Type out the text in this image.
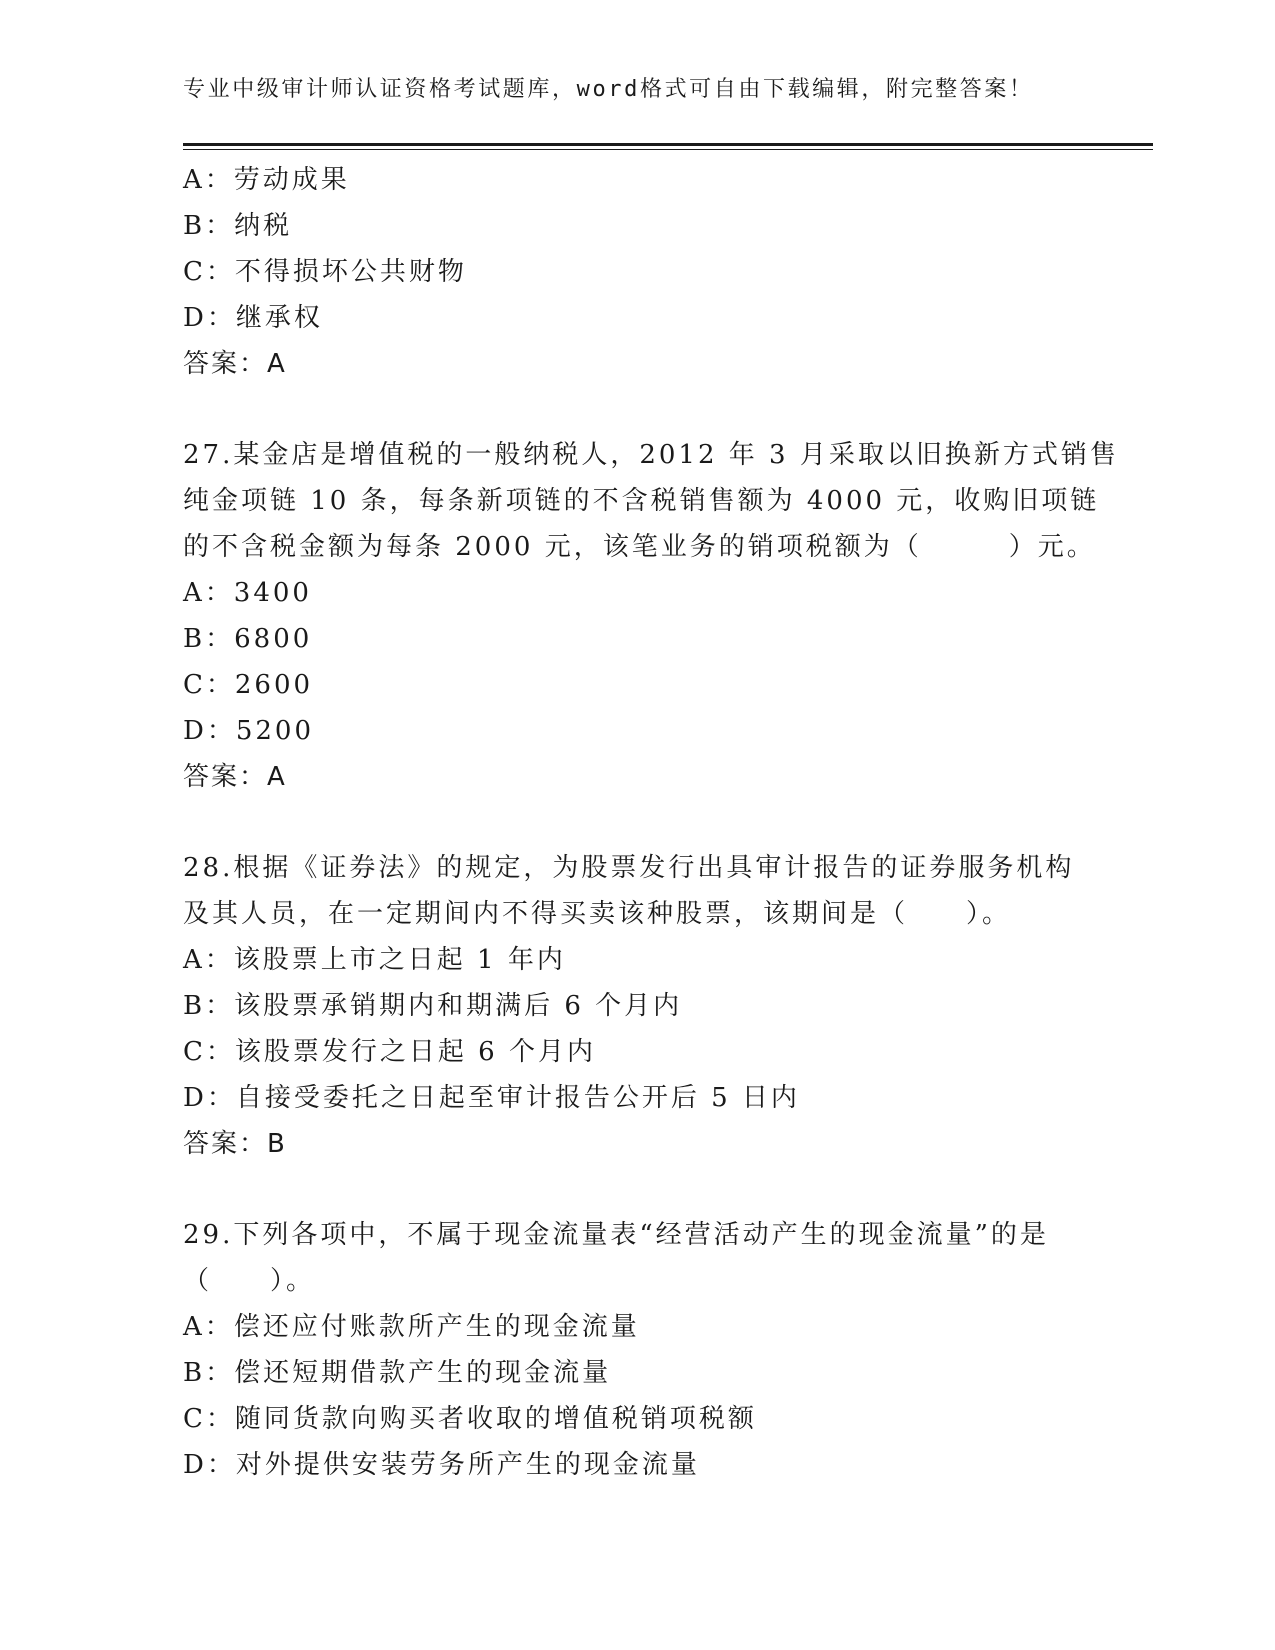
专业中级审计师认证资格考试题库，word格式可自由下载编辑，附完整答案！
A：劳动成果
B：纳税
C：不得损坏公共财物
D：继承权
答案：A
27.某金店是增值税的一般纳税人，2012 年 3 月采取以旧换新方式销售
纯金项链 10 条，每条新项链的不含税销售额为 4000 元，收购旧项链
的不含税金额为每条 2000 元，该笔业务的销项税额为（　　　）元。
A：3400
B：6800
C：2600
D：5200
答案：A
28.根据《证券法》的规定，为股票发行出具审计报告的证券服务机构
及其人员，在一定期间内不得买卖该种股票，该期间是（　　）。
A：该股票上市之日起 1 年内
B：该股票承销期内和期满后 6 个月内
C：该股票发行之日起 6 个月内
D：自接受委托之日起至审计报告公开后 5 日内
答案：B
29.下列各项中，不属于现金流量表“经营活动产生的现金流量”的是
（　　）。
A：偿还应付账款所产生的现金流量
B：偿还短期借款产生的现金流量
C：随同货款向购买者收取的增值税销项税额
D：对外提供安装劳务所产生的现金流量
